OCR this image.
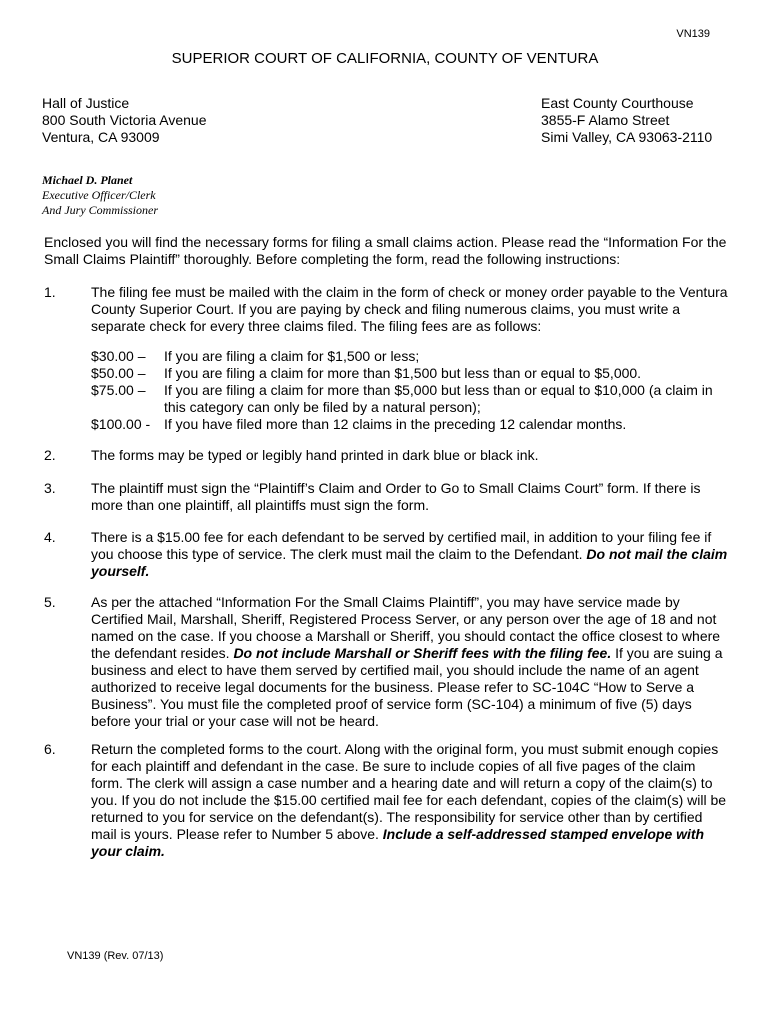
VN139
SUPERIOR COURT OF CALIFORNIA, COUNTY OF VENTURA
Hall of Justice
800 South Victoria Avenue
Ventura, CA 93009
East County Courthouse
3855-F Alamo Street
Simi Valley, CA 93063-2110
Michael D. Planet
Executive Officer/Clerk
And Jury Commissioner
Enclosed you will find the necessary forms for filing a small claims action. Please read the “Information For the Small Claims Plaintiff” thoroughly. Before completing the form, read the following instructions:
1.	The filing fee must be mailed with the claim in the form of check or money order payable to the Ventura County Superior Court. If you are paying by check and filing numerous claims, you must write a separate check for every three claims filed. The filing fees are as follows:
$30.00 – If you are filing a claim for $1,500 or less;
$50.00 – If you are filing a claim for more than $1,500 but less than or equal to $5,000.
$75.00 – If you are filing a claim for more than $5,000 but less than or equal to $10,000 (a claim in this category can only be filed by a natural person);
$100.00 - If you have filed more than 12 claims in the preceding 12 calendar months.
2.	The forms may be typed or legibly hand printed in dark blue or black ink.
3.	The plaintiff must sign the “Plaintiff’s Claim and Order to Go to Small Claims Court” form. If there is more than one plaintiff, all plaintiffs must sign the form.
4.	There is a $15.00 fee for each defendant to be served by certified mail, in addition to your filing fee if you choose this type of service. The clerk must mail the claim to the Defendant. Do not mail the claim yourself.
5.	As per the attached “Information For the Small Claims Plaintiff”, you may have service made by Certified Mail, Marshall, Sheriff, Registered Process Server, or any person over the age of 18 and not named on the case. If you choose a Marshall or Sheriff, you should contact the office closest to where the defendant resides. Do not include Marshall or Sheriff fees with the filing fee. If you are suing a business and elect to have them served by certified mail, you should include the name of an agent authorized to receive legal documents for the business. Please refer to SC-104C “How to Serve a Business”. You must file the completed proof of service form (SC-104) a minimum of five (5) days before your trial or your case will not be heard.
6.	Return the completed forms to the court. Along with the original form, you must submit enough copies for each plaintiff and defendant in the case. Be sure to include copies of all five pages of the claim form. The clerk will assign a case number and a hearing date and will return a copy of the claim(s) to you. If you do not include the $15.00 certified mail fee for each defendant, copies of the claim(s) will be returned to you for service on the defendant(s). The responsibility for service other than by certified mail is yours. Please refer to Number 5 above. Include a self-addressed stamped envelope with your claim.
VN139 (Rev. 07/13)
